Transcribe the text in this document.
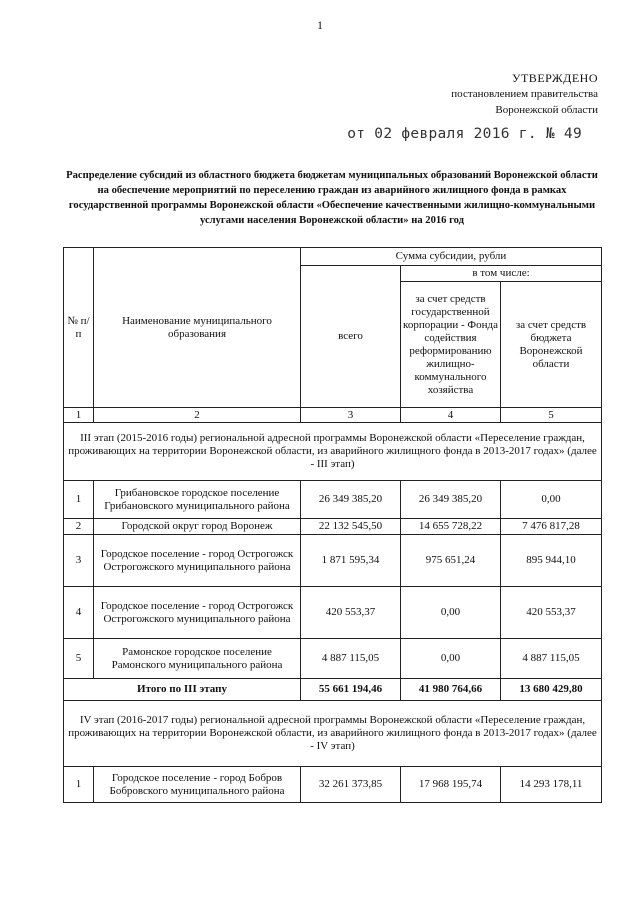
1
УТВЕРЖДЕНО
постановлением правительства
Воронежской области
от 02 февраля 2016 г. № 49
Распределение субсидий из областного бюджета бюджетам муниципальных образований Воронежской области на обеспечение мероприятий по переселению граждан из аварийного жилищного фонда в рамках государственной программы Воронежской области «Обеспечение качественными жилищно-коммунальными услугами населения Воронежской области» на 2016 год
№ п/п	Наименование муниципального образования	Сумма субсидии, рубли		
		всего	в том числе:	
			за счет средств государственной корпорации - Фонда содействия реформированию жилищно-коммунального хозяйства	за счет средств бюджета Воронежской области
1	2	3	4	5
III этап (2015-2016 годы) региональной адресной программы Воронежской области «Переселение граждан, проживающих на территории Воронежской области, из аварийного жилищного фонда в 2013-2017 годах» (далее - III этап)				
1	Грибановское городское поселение Грибановского муниципального района	26 349 385,20	26 349 385,20	0,00
2	Городской округ город Воронеж	22 132 545,50	14 655 728,22	7 476 817,28
3	Городское поселение - город Острогожск Острогожского муниципального района	1 871 595,34	975 651,24	895 944,10
4	Городское поселение - город Острогожск Острогожского муниципального района	420 553,37	0,00	420 553,37
5	Рамонское городское поселение Рамонского муниципального района	4 887 115,05	0,00	4 887 115,05
Итого по III этапу		55 661 194,46	41 980 764,66	13 680 429,80
IV этап (2016-2017 годы) региональной адресной программы Воронежской области «Переселение граждан, проживающих на территории Воронежской области, из аварийного жилищного фонда в 2013-2017 годах» (далее - IV этап)				
1	Городское поселение - город Бобров Бобровского муниципального района	32 261 373,85	17 968 195,74	14 293 178,11
